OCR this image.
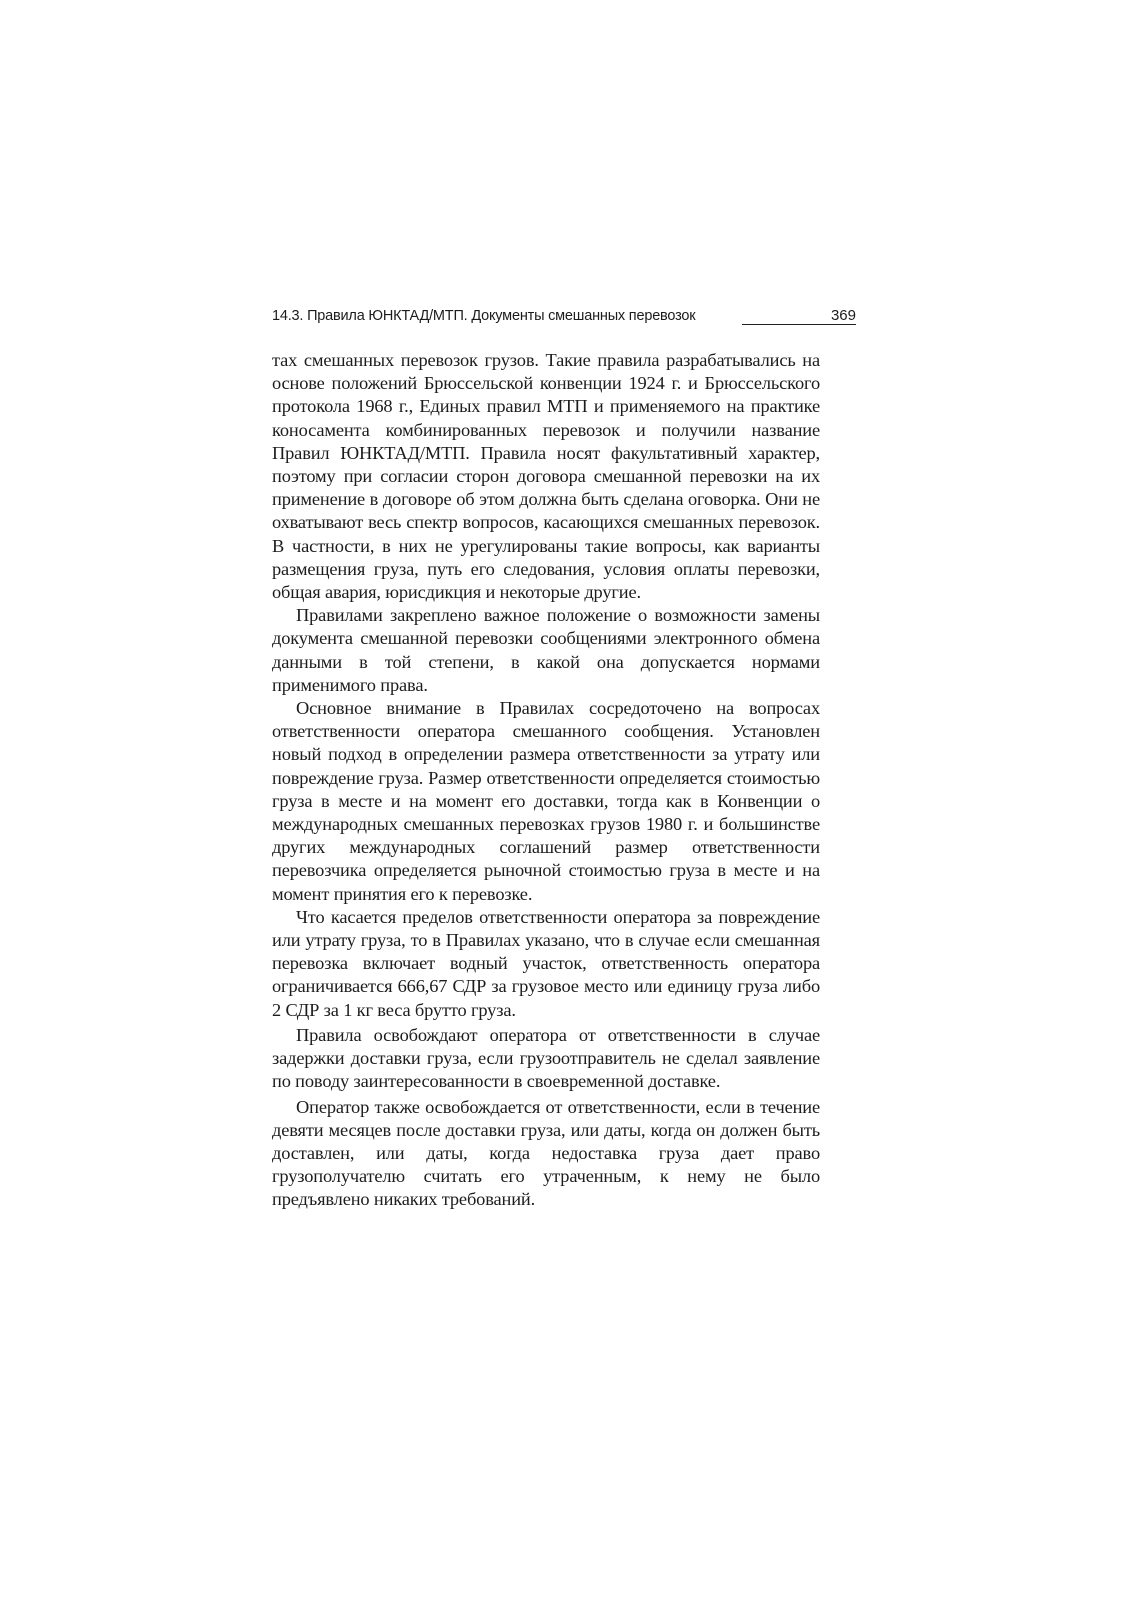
14.3. Правила ЮНКТАД/МТП. Документы смешанных перевозок	369

тах смешанных перевозок грузов. Такие правила разрабатывались на основе положений Брюссельской конвенции 1924 г. и Брюссельского протокола 1968 г., Единых правил МТП и применяемого на практике коносамента комбинированных перевозок и получили название Правил ЮНКТАД/МТП. Правила носят факультативный характер, поэтому при согласии сторон договора смешанной перевозки на их применение в договоре об этом должна быть сделана оговорка. Они не охватывают весь спектр вопросов, касающихся смешанных перевозок. В частности, в них не урегулированы такие вопросы, как варианты размещения груза, путь его следования, условия оплаты перевозки, общая авария, юрисдикция и некоторые другие.

Правилами закреплено важное положение о возможности замены документа смешанной перевозки сообщениями электронного обмена данными в той степени, в какой она допускается нормами применимого права.

Основное внимание в Правилах сосредоточено на вопросах ответственности оператора смешанного сообщения. Установлен новый подход в определении размера ответственности за утрату или повреждение груза. Размер ответственности определяется стоимостью груза в месте и на момент его доставки, тогда как в Конвенции о международных смешанных перевозках грузов 1980 г. и большинстве других международных соглашений размер ответственности перевозчика определяется рыночной стоимостью груза в месте и на момент принятия его к перевозке.

Что касается пределов ответственности оператора за повреждение или утрату груза, то в Правилах указано, что в случае если смешанная перевозка включает водный участок, ответственность оператора ограничивается 666,67 СДР за грузовое место или единицу груза либо 2 СДР за 1 кг веса брутто груза.

Правила освобождают оператора от ответственности в случае задержки доставки груза, если грузоотправитель не сделал заявление по поводу заинтересованности в своевременной доставке.

Оператор также освобождается от ответственности, если в течение девяти месяцев после доставки груза, или даты, когда он должен быть доставлен, или даты, когда недоставка груза дает право грузополучателю считать его утраченным, к нему не было предъявлено никаких требований.
